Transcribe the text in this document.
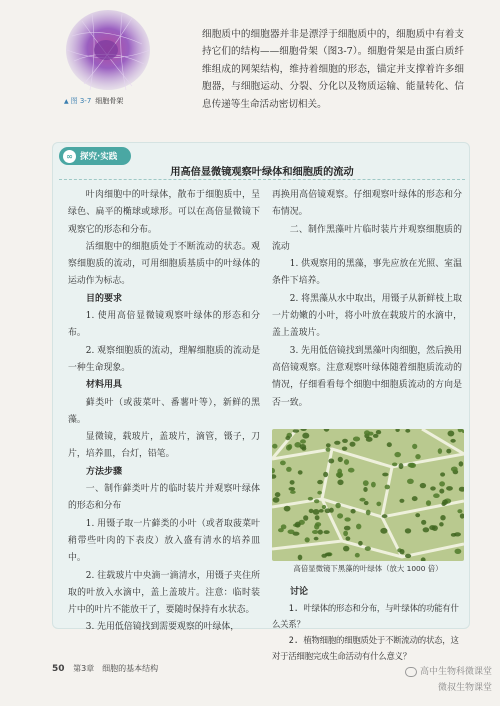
▲ 图 3-7 细胞骨架
细胞质中的细胞器并非是漂浮于细胞质中的，细胞质中有着支持它们的结构——细胞骨架（图3-7）。细胞骨架是由蛋白质纤维组成的网架结构，维持着细胞的形态，锚定并支撑着许多细胞器，与细胞运动、分裂、分化以及物质运输、能量转化、信息传递等生命活动密切相关。
∞ 探究·实践
用高倍显微镜观察叶绿体和细胞质的流动

叶肉细胞中的叶绿体，散布于细胞质中，呈绿色、扁平的椭球或球形。可以在高倍显微镜下观察它的形态和分布。

活细胞中的细胞质处于不断流动的状态。观察细胞质的流动，可用细胞质基质中的叶绿体的运动作为标志。

目的要求

1. 使用高倍显微镜观察叶绿体的形态和分布。

2. 观察细胞质的流动，理解细胞质的流动是一种生命现象。

材料用具

藓类叶（或菠菜叶、番薯叶等），新鲜的黑藻。

显微镜，载玻片，盖玻片，滴管，镊子，刀片，培养皿，台灯，铅笔。

方法步骤

一、制作藓类叶片的临时装片并观察叶绿体的形态和分布

1. 用镊子取一片藓类的小叶（或者取菠菜叶稍带些叶肉的下表皮）放入盛有清水的培养皿中。

2. 往载玻片中央滴一滴清水，用镊子夹住所取的叶放入水滴中，盖上盖玻片。注意：临时装片中的叶片不能放干了，要随时保持有水状态。

3. 先用低倍镜找到需要观察的叶绿体，

再换用高倍镜观察。仔细观察叶绿体的形态和分布情况。

二、制作黑藻叶片临时装片并观察细胞质的流动

1. 供观察用的黑藻，事先应放在光照、室温条件下培养。

2. 将黑藻从水中取出，用镊子从新鲜枝上取一片幼嫩的小叶，将小叶放在载玻片的水滴中，盖上盖玻片。

3. 先用低倍镜找到黑藻叶肉细胞，然后换用高倍镜观察。注意观察叶绿体随着细胞质流动的情况，仔细看看每个细胞中细胞质流动的方向是否一致。

高倍显微镜下黑藻的叶绿体（放大 1000 倍）
讨论

1. 叶绿体的形态和分布，与叶绿体的功能有什么关系？

2. 植物细胞的细胞质处于不断流动的状态，这对于活细胞完成生命活动有什么意义？

50 第3章　细胞的基本结构	高中生物科微课堂
微叔生物课堂
